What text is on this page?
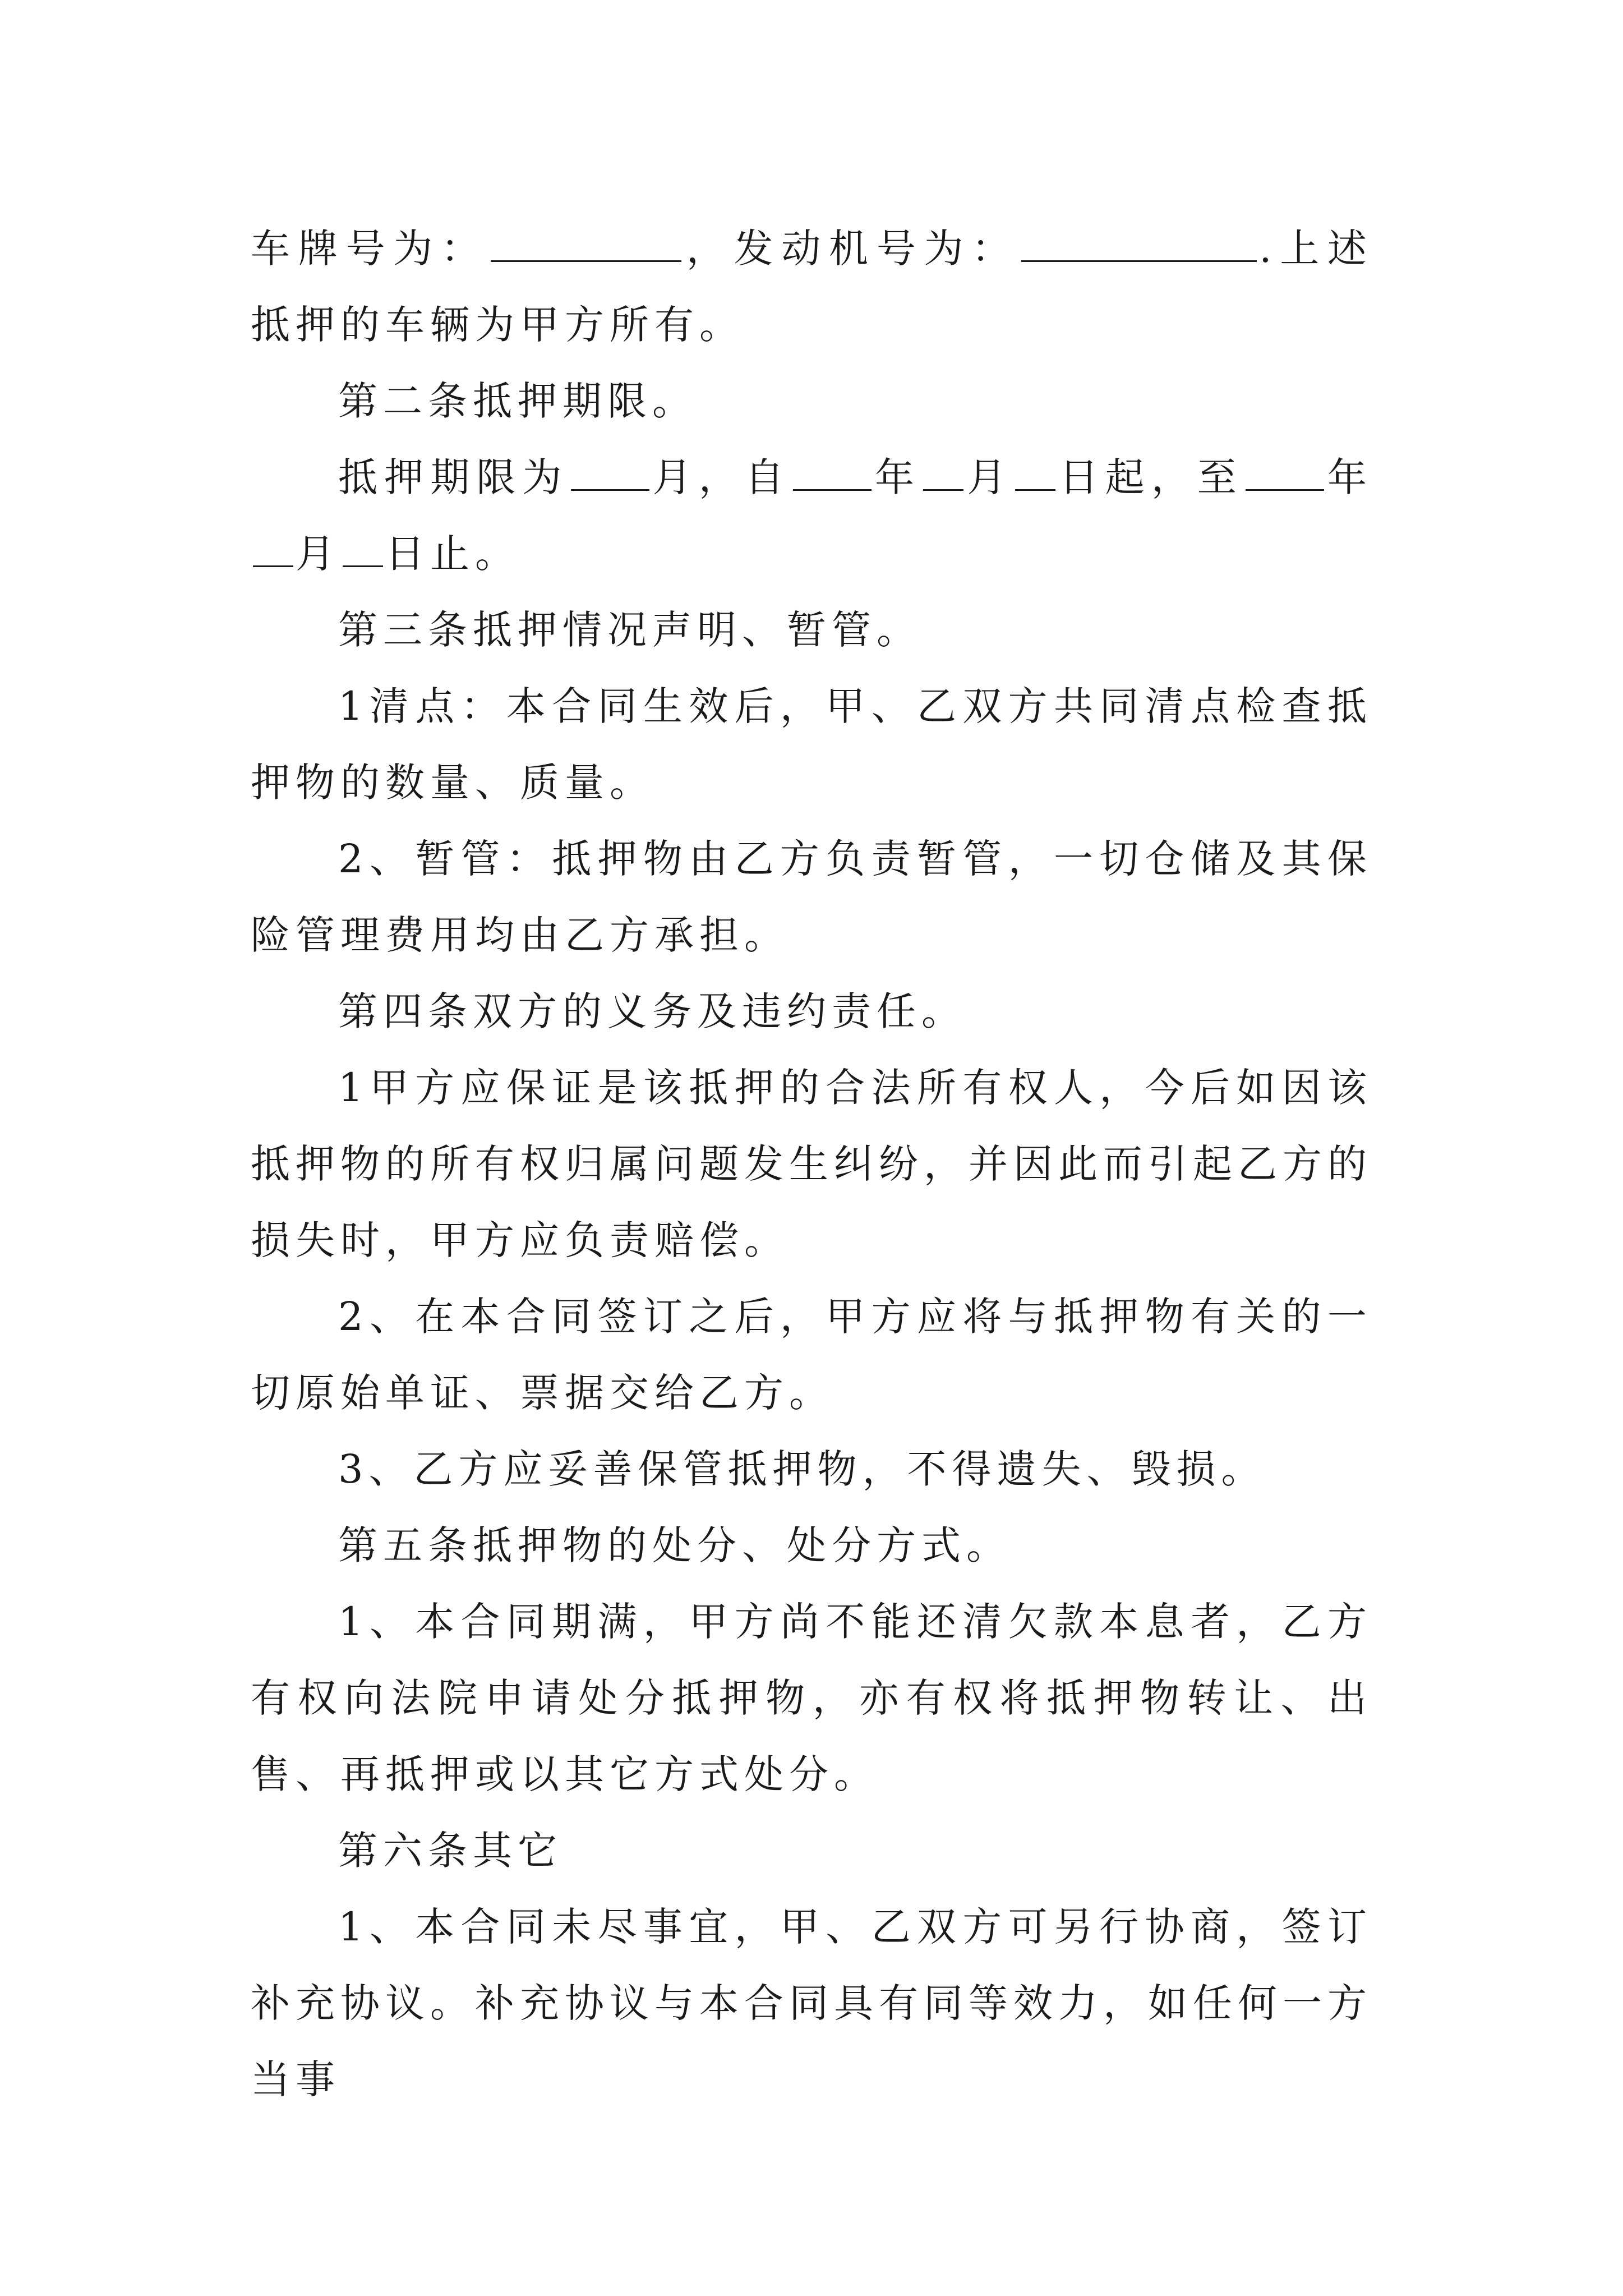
车牌号为：	，发动机号为：	.上述抵押的车辆为甲方所有。

第二条抵押期限。

抵押期限为 月，自 年 月 日起，至 年月 日止。

第三条抵押情况声明、暂管。

1清点：本合同生效后，甲、乙双方共同清点检查抵押物的数量、质量。

2、暂管：抵押物由乙方负责暂管，一切仓储及其保险管理费用均由乙方承担。

第四条双方的义务及违约责任。

1甲方应保证是该抵押的合法所有权人，今后如因该抵押物的所有权归属问题发生纠纷，并因此而引起乙方的损失时，甲方应负责赔偿。

2、在本合同签订之后，甲方应将与抵押物有关的一切原始单证、票据交给乙方。

3、乙方应妥善保管抵押物，不得遗失、毁损。

第五条抵押物的处分、处分方式。

1、本合同期满，甲方尚不能还清欠款本息者，乙方有权向法院申请处分抵押物，亦有权将抵押物转让、出售、再抵押或以其它方式处分。

第六条其它

1、本合同未尽事宜，甲、乙双方可另行协商，签订补充协议。补充协议与本合同具有同等效力，如任何一方当事
